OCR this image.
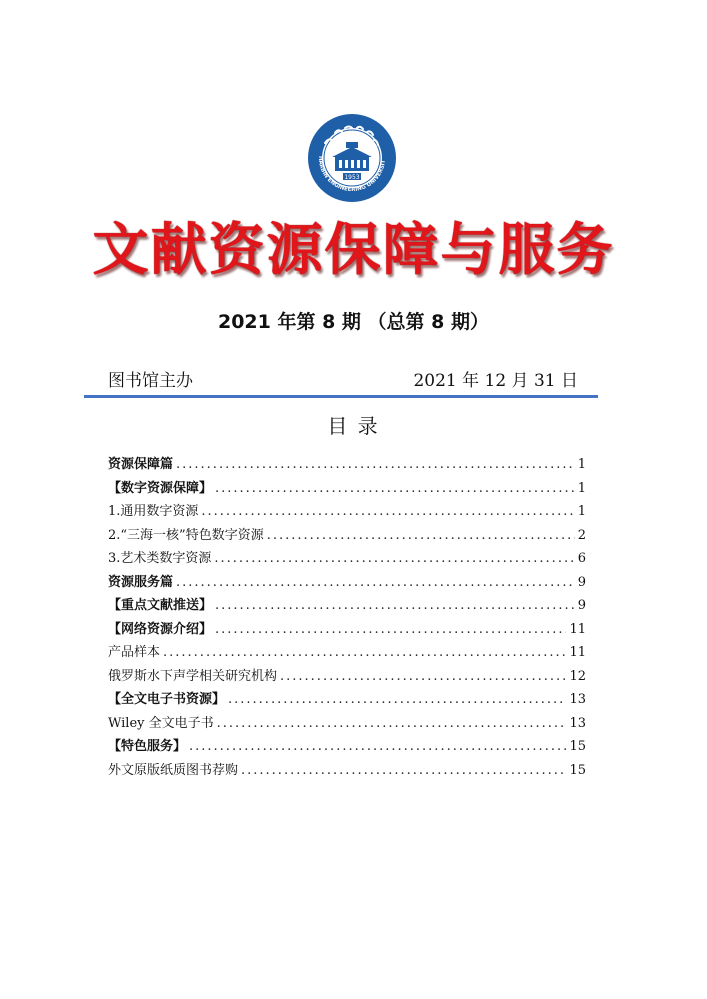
1953
HARBIN ENGINEERING UNIVERSIT
文献资源保障与服务
2021 年第 8 期 （总第 8 期）
图书馆主办	2021 年 12 月 31 日
目 录
资源保障篇 .....	1
【数字资源保障】 .....	1
1.通用数字资源 .....	1
2.“三海一核”特色数字资源 .....	2
3.艺术类数字资源 .....	6
资源服务篇 .....	9
【重点文献推送】 .....	9
【网络资源介绍】 .....	11
产品样本 .....	11
俄罗斯水下声学相关研究机构 .....	12
【全文电子书资源】 .....	13
Wiley 全文电子书 .....	13
【特色服务】 .....	15
外文原版纸质图书荐购 .....	15
